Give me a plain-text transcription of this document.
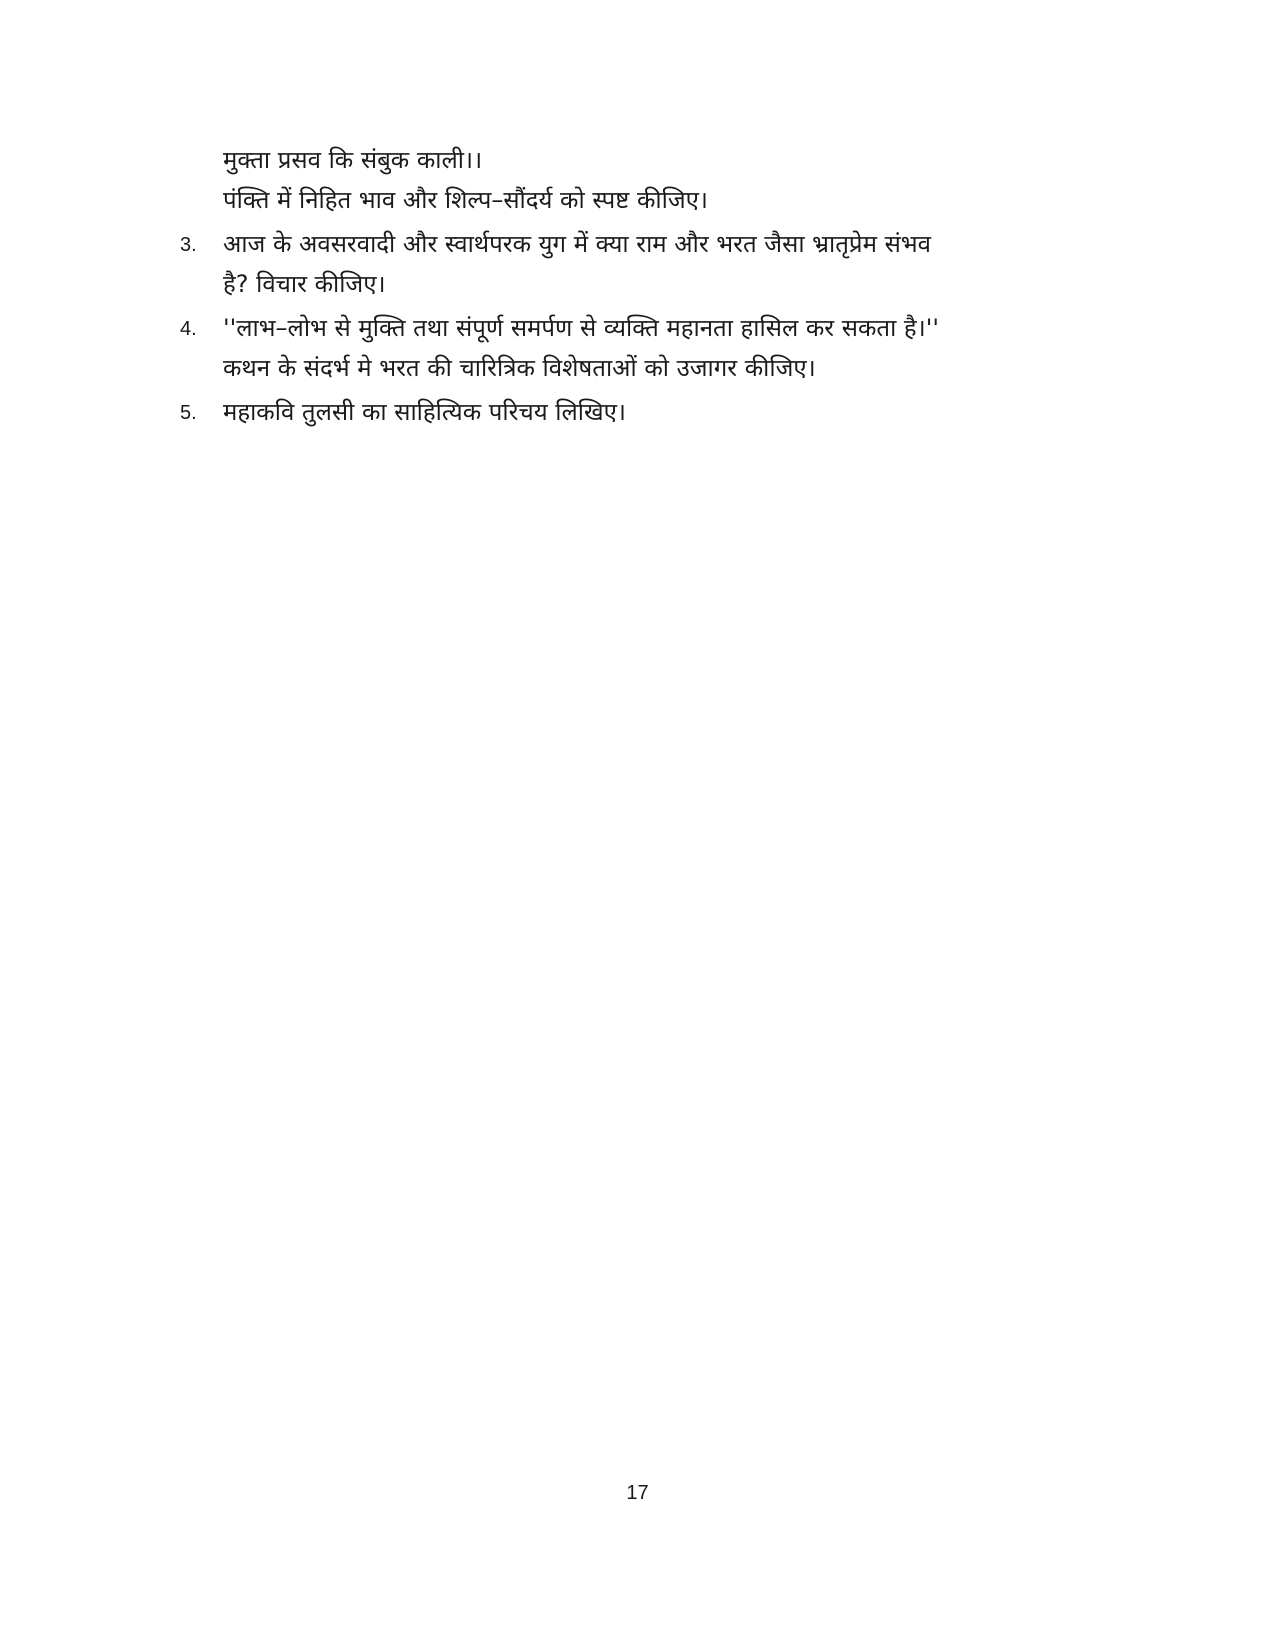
मुक्ता प्रसव कि संबुक काली।।
पंक्ति में निहित भाव और शिल्प–सौंदर्य को स्पष्ट कीजिए।
3. आज के अवसरवादी और स्वार्थपरक युग में क्या राम और भरत जैसा भ्रातृप्रेम संभव
है? विचार कीजिए।
4. ''लाभ–लोभ से मुक्ति तथा संपूर्ण समर्पण से व्यक्ति महानता हासिल कर सकता है।''
कथन के संदर्भ मे भरत की चारित्रिक विशेषताओं को उजागर कीजिए।
5. महाकवि तुलसी का साहित्यिक परिचय लिखिए।
17
